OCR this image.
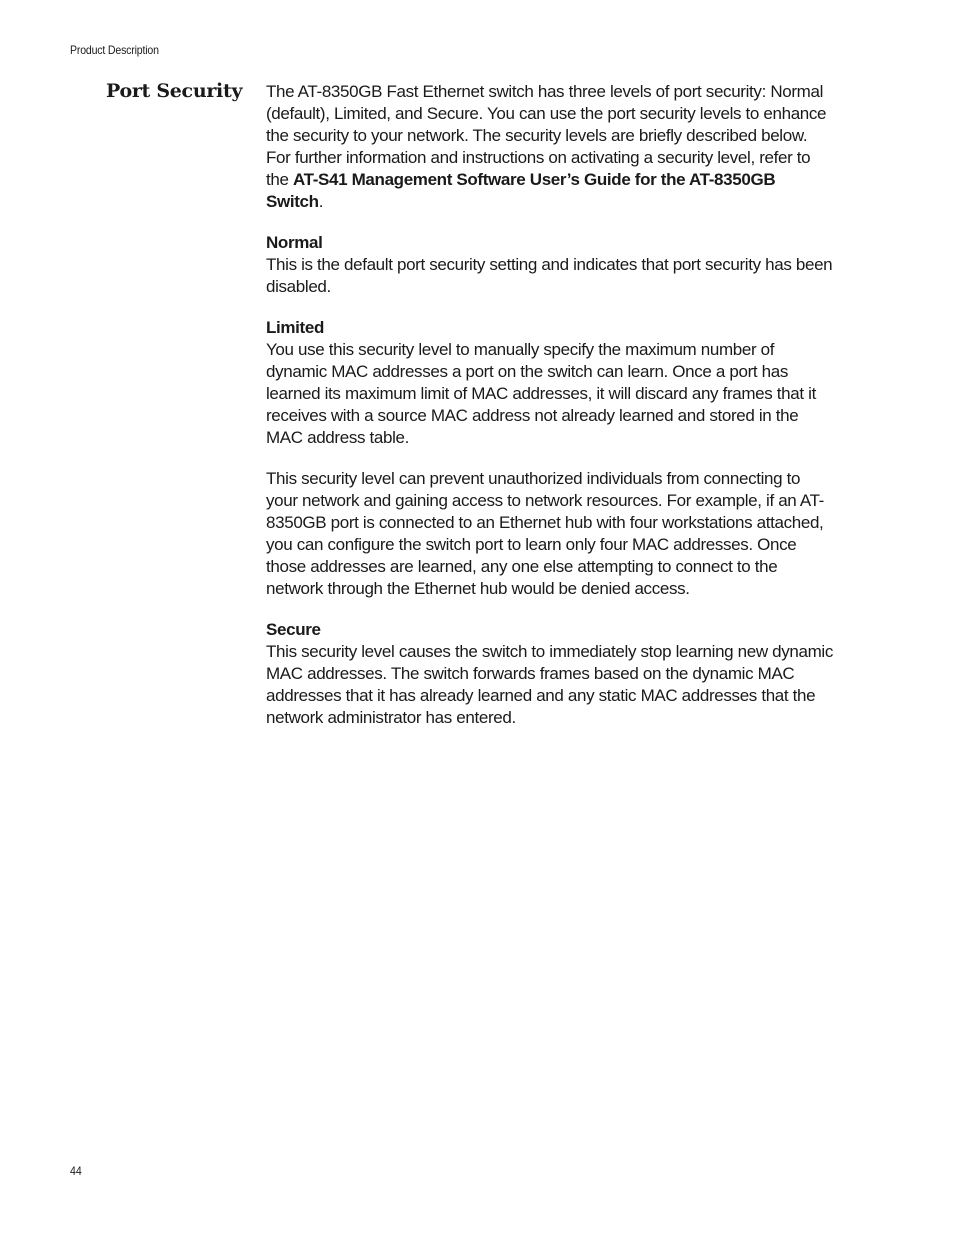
Product Description
Port Security The AT-8350GB Fast Ethernet switch has three levels of port security: Normal (default), Limited, and Secure. You can use the port security levels to enhance the security to your network. The security levels are briefly described below. For further information and instructions on activating a security level, refer to the AT-S41 Management Software User’s Guide for the AT-8350GB Switch.

Normal
This is the default port security setting and indicates that port security has been disabled.

Limited
You use this security level to manually specify the maximum number of dynamic MAC addresses a port on the switch can learn. Once a port has learned its maximum limit of MAC addresses, it will discard any frames that it receives with a source MAC address not already learned and stored in the MAC address table.

This security level can prevent unauthorized individuals from connecting to your network and gaining access to network resources. For example, if an AT-8350GB port is connected to an Ethernet hub with four workstations attached, you can configure the switch port to learn only four MAC addresses. Once those addresses are learned, any one else attempting to connect to the network through the Ethernet hub would be denied access.

Secure
This security level causes the switch to immediately stop learning new dynamic MAC addresses. The switch forwards frames based on the dynamic MAC addresses that it has already learned and any static MAC addresses that the network administrator has entered.

44
